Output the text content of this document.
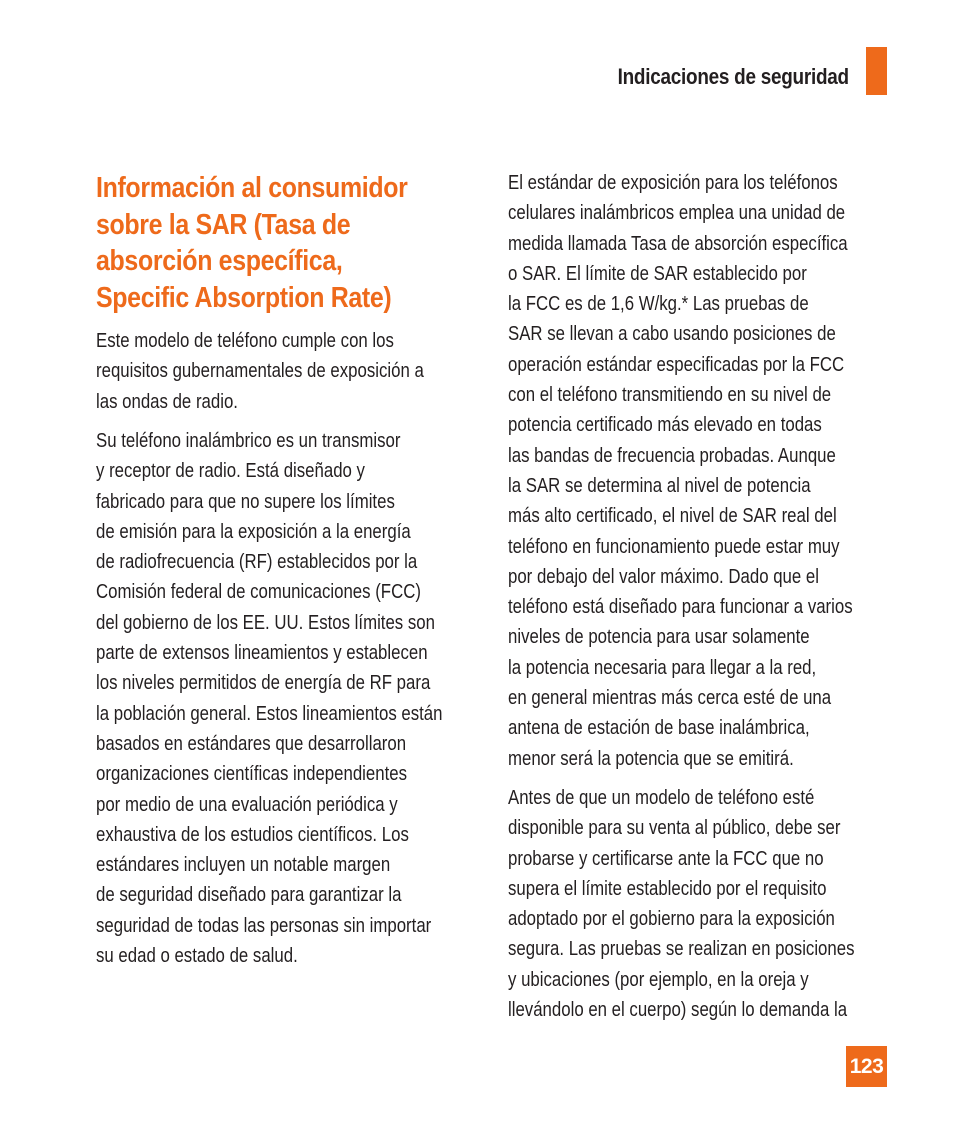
Indicaciones de seguridad
Información al consumidor
sobre la SAR (Tasa de
absorción específica,
Specific Absorption Rate)
Este modelo de teléfono cumple con los
requisitos gubernamentales de exposición a
las ondas de radio.
Su teléfono inalámbrico es un transmisor
y receptor de radio. Está diseñado y
fabricado para que no supere los límites
de emisión para la exposición a la energía
de radiofrecuencia (RF) establecidos por la
Comisión federal de comunicaciones (FCC)
del gobierno de los EE. UU. Estos límites son
parte de extensos lineamientos y establecen
los niveles permitidos de energía de RF para
la población general. Estos lineamientos están
basados en estándares que desarrollaron
organizaciones científicas independientes
por medio de una evaluación periódica y
exhaustiva de los estudios científicos. Los
estándares incluyen un notable margen
de seguridad diseñado para garantizar la
seguridad de todas las personas sin importar
su edad o estado de salud.
El estándar de exposición para los teléfonos
celulares inalámbricos emplea una unidad de
medida llamada Tasa de absorción específica
o SAR. El límite de SAR establecido por
la FCC es de 1,6 W/kg.* Las pruebas de
SAR se llevan a cabo usando posiciones de
operación estándar especificadas por la FCC
con el teléfono transmitiendo en su nivel de
potencia certificado más elevado en todas
las bandas de frecuencia probadas. Aunque
la SAR se determina al nivel de potencia
más alto certificado, el nivel de SAR real del
teléfono en funcionamiento puede estar muy
por debajo del valor máximo. Dado que el
teléfono está diseñado para funcionar a varios
niveles de potencia para usar solamente
la potencia necesaria para llegar a la red,
en general mientras más cerca esté de una
antena de estación de base inalámbrica,
menor será la potencia que se emitirá.
Antes de que un modelo de teléfono esté
disponible para su venta al público, debe ser
probarse y certificarse ante la FCC que no
supera el límite establecido por el requisito
adoptado por el gobierno para la exposición
segura. Las pruebas se realizan en posiciones
y ubicaciones (por ejemplo, en la oreja y
llevándolo en el cuerpo) según lo demanda la
123
